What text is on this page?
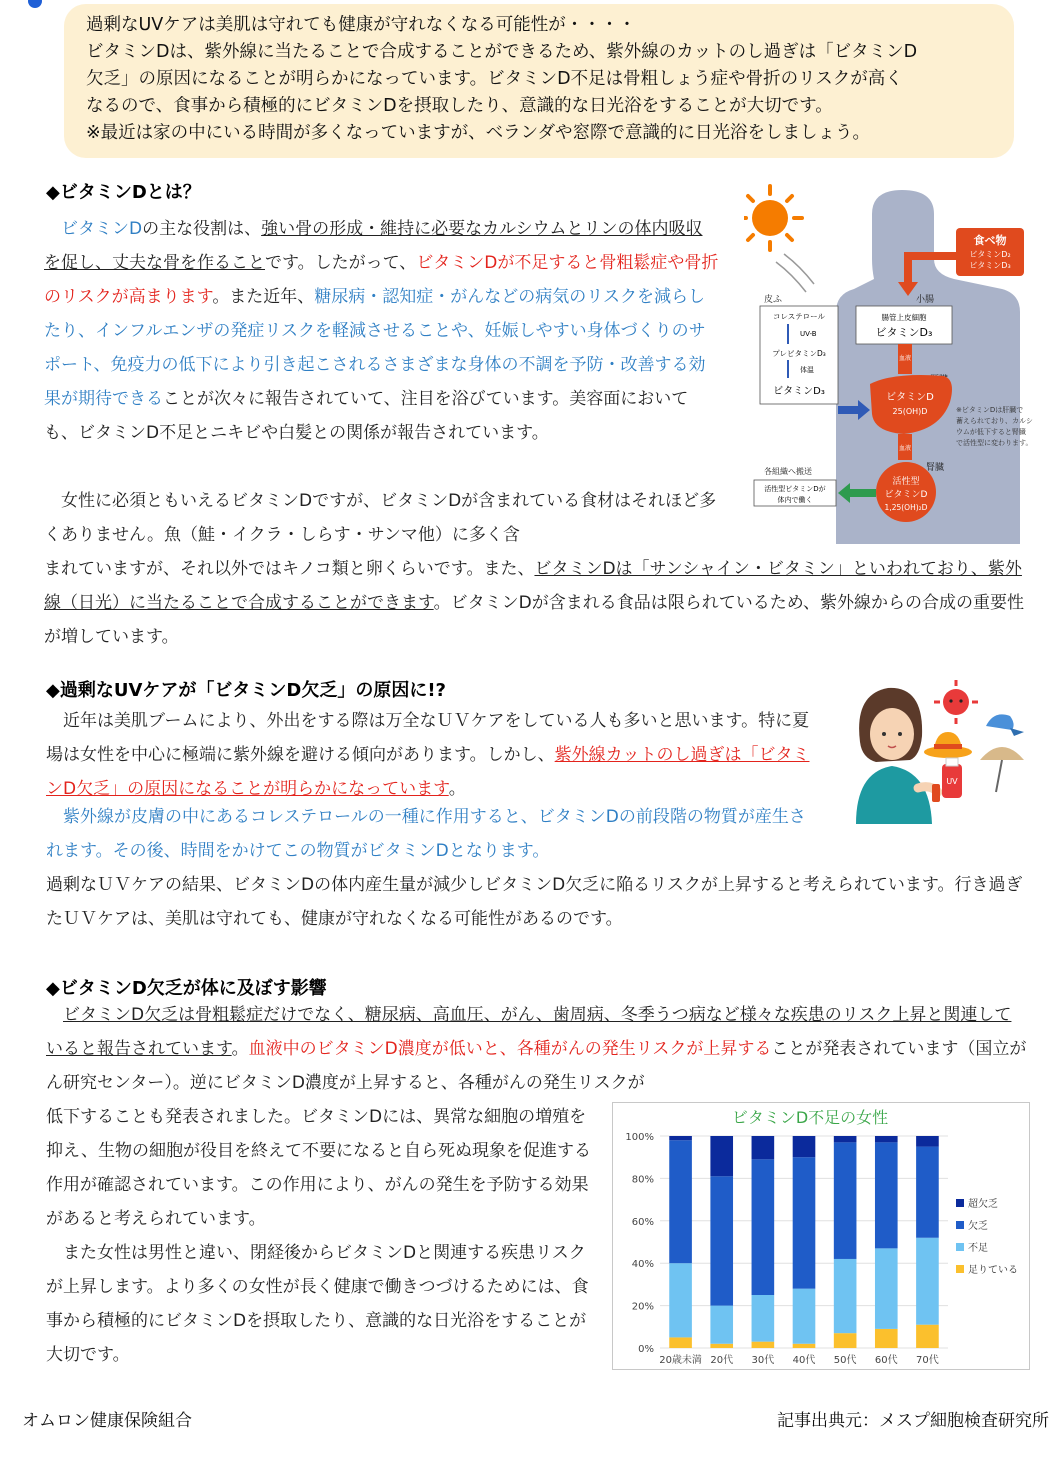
過剰なUVケアは美肌は守れても健康が守れなくなる可能性が・・・・

ビタミンDは、紫外線に当たることで合成することができるため、紫外線のカットのし過ぎは「ビタミンD

欠乏」の原因になることが明らかになっています。ビタミンD不足は骨粗しょう症や骨折のリスクが高く

なるので、食事から積極的にビタミンDを摂取したり、意識的な日光浴をすることが大切です。

※最近は家の中にいる時間が多くなっていますが、ベランダや窓際で意識的に日光浴をしましょう。

◆ビタミンDとは？

　ビタミンDの主な役割は、強い骨の形成・維持に必要なカルシウムとリンの体内吸収を促し、丈夫な骨を作ることです。したがって、ビタミンDが不足すると骨粗鬆症や骨折のリスクが高まります。また近年、糖尿病・認知症・がんなどの病気のリスクを減らしたり、インフルエンザの発症リスクを軽減させることや、妊娠しやすい身体づくりのサポート、免疫力の低下により引き起こされるさまざまな身体の不調を予防・改善する効果が期待できることが次々に報告されていて、注目を浴びています。美容面においても、ビタミンD不足とニキビや白髪との関係が報告されています。

　女性に必須ともいえるビタミンDですが、ビタミンDが含まれている食材はそれほど多くありません。魚（鮭・イクラ・しらす・サンマ他）に多く含

まれていますが、それ以外ではキノコ類と卵くらいです。また、ビタミンDは「サンシャイン・ビタミン」といわれており、紫外線（日光）に当たることで合成することができます。ビタミンDが含まれる食品は限られているため、紫外線からの合成の重要性が増しています。

食べ物
ビタミンD₂
ビタミンD₃
皮ふ	小腸
コレステロール
UV-B
プレビタミンD₃
体温
ビタミンD₃
腸管上皮細胞
ビタミンD₃
血液
ビタミンD
25(OH)D	※ビタミンDは肝臓で
蓄えられており、カルシ
ウムが低下すると腎臓
で活性型に変わります。
血液
腎臓
活性型
ビタミンD
1,25(OH)₂D
各組織へ搬送
活性型ビタミンDが
体内で働く
◆過剰なUVケアが「ビタミンD欠乏」の原因に!?

　近年は美肌ブームにより、外出をする際は万全なＵＶケアをしている人も多いと思います。特に夏場は女性を中心に極端に紫外線を避ける傾向があります。しかし、紫外線カットのし過ぎは「ビタミンD欠乏」の原因になることが明らかになっています。

　紫外線が皮膚の中にあるコレステロールの一種に作用すると、ビタミンDの前段階の物質が産生されます。その後、時間をかけてこの物質がビタミンDとなります。

過剰なＵＶケアの結果、ビタミンDの体内産生量が減少しビタミンD欠乏に陥るリスクが上昇すると考えられています。行き過ぎたＵＶケアは、美肌は守れても、健康が守れなくなる可能性があるのです。

UV
◆ビタミンD欠乏が体に及ぼす影響

　ビタミンD欠乏は骨粗鬆症だけでなく、糖尿病、高血圧、がん、歯周病、冬季うつ病など様々な疾患のリスク上昇と関連していると報告されています。血液中のビタミンD濃度が低いと、各種がんの発生リスクが上昇することが発表されています（国立がん研究センター）。逆にビタミンD濃度が上昇すると、各種がんの発生リスクが

低下することも発表されました。ビタミンDには、異常な細胞の増殖を抑え、生物の細胞が役目を終えて不要になると自ら死ぬ現象を促進する作用が確認されています。この作用により、がんの発生を予防する効果があると考えられています。

　また女性は男性と違い、閉経後からビタミンDと関連する疾患リスクが上昇します。より多くの女性が長く健康で働きつづけるためには、食事から積極的にビタミンDを摂取したり、意識的な日光浴をすることが大切です。

ビタミンD不足の女性
0%
20%
40%
60%
80%
100%
20歳未満 20代 30代 40代 50代 60代 70代
超欠乏
欠乏
不足
足りている
オムロン健康保険組合	記事出典元：メスプ細胞検査研究所
